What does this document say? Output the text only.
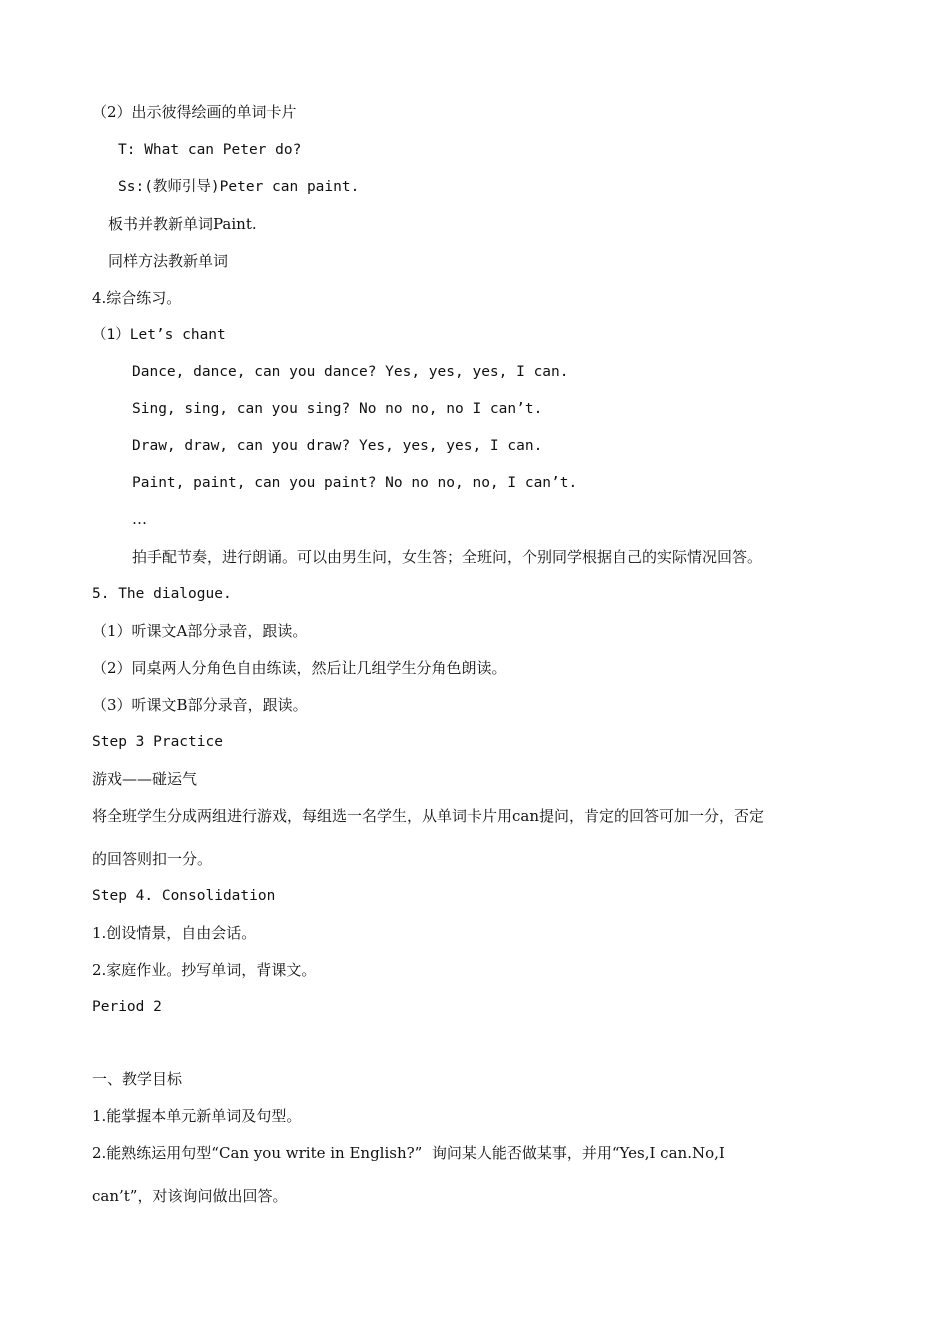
（2）出示彼得绘画的单词卡片
T: What can Peter do?
Ss:(教师引导)Peter can paint.
板书并教新单词Paint.
同样方法教新单词
4.综合练习。
（1）Let’s chant
Dance, dance, can you dance? Yes, yes, yes, I can.
Sing, sing, can you sing? No no no, no I can’t.
Draw, draw, can you draw? Yes, yes, yes, I can.
Paint, paint, can you paint? No no no, no, I can’t.
…
拍手配节奏，进行朗诵。可以由男生问，女生答；全班问，个别同学根据自己的实际情况回答。
5. The dialogue.
（1）听课文A部分录音，跟读。
（2）同桌两人分角色自由练读，然后让几组学生分角色朗读。
（3）听课文B部分录音，跟读。
Step 3 Practice
游戏——碰运气
将全班学生分成两组进行游戏，每组选一名学生，从单词卡片用can提问，肯定的回答可加一分，否定
的回答则扣一分。
Step 4. Consolidation
1.创设情景，自由会话。
2.家庭作业。抄写单词，背课文。
Period 2
一、教学目标
1.能掌握本单元新单词及句型。
2.能熟练运用句型“Can you write in English?”  询问某人能否做某事，并用“Yes,I can.No,I
can’t”，对该询问做出回答。
